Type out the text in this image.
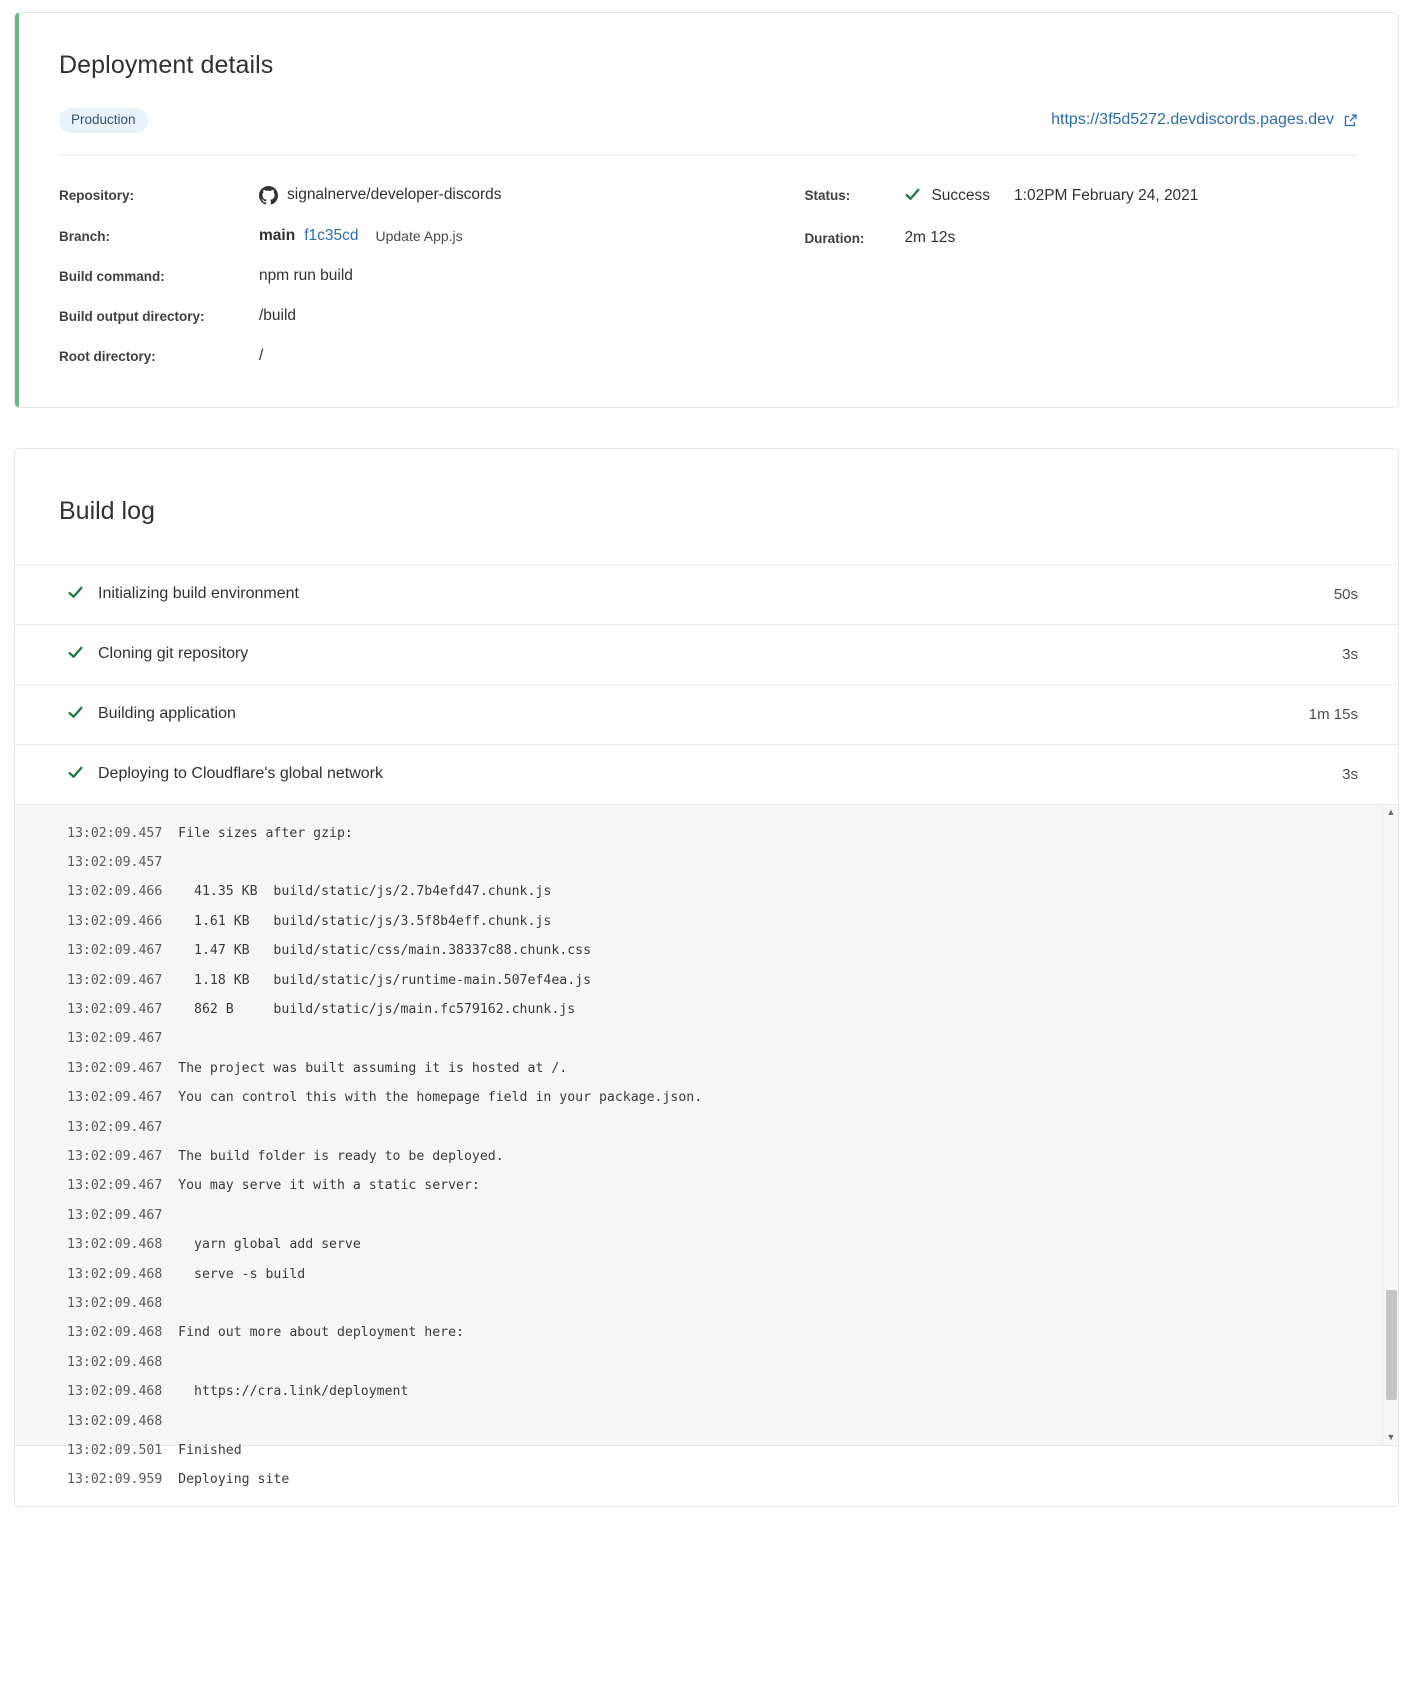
Deployment details
Production	https://3f5d5272.devdiscords.pages.dev
Repository:	signalnerve/developer-discords
Branch:	main f1c35cd Update App.js
Build command:	npm run build
Build output directory:	/build
Root directory:	/
Status:	Success 1:02PM February 24, 2021
Duration:	2m 12s
Build log
Initializing build environment	50s
Cloning git repository	3s
Building application	1m 15s
Deploying to Cloudflare's global network	3s
13:02:09.457  File sizes after gzip:
13:02:09.457
13:02:09.466    41.35 KB  build/static/js/2.7b4efd47.chunk.js
13:02:09.466    1.61 KB   build/static/js/3.5f8b4eff.chunk.js
13:02:09.467    1.47 KB   build/static/css/main.38337c88.chunk.css
13:02:09.467    1.18 KB   build/static/js/runtime-main.507ef4ea.js
13:02:09.467    862 B     build/static/js/main.fc579162.chunk.js
13:02:09.467
13:02:09.467  The project was built assuming it is hosted at /.
13:02:09.467  You can control this with the homepage field in your package.json.
13:02:09.467
13:02:09.467  The build folder is ready to be deployed.
13:02:09.467  You may serve it with a static server:
13:02:09.467
13:02:09.468    yarn global add serve
13:02:09.468    serve -s build
13:02:09.468
13:02:09.468  Find out more about deployment here:
13:02:09.468
13:02:09.468    https://cra.link/deployment
13:02:09.468
13:02:09.501  Finished
13:02:09.959  Deploying site
▲
▼
